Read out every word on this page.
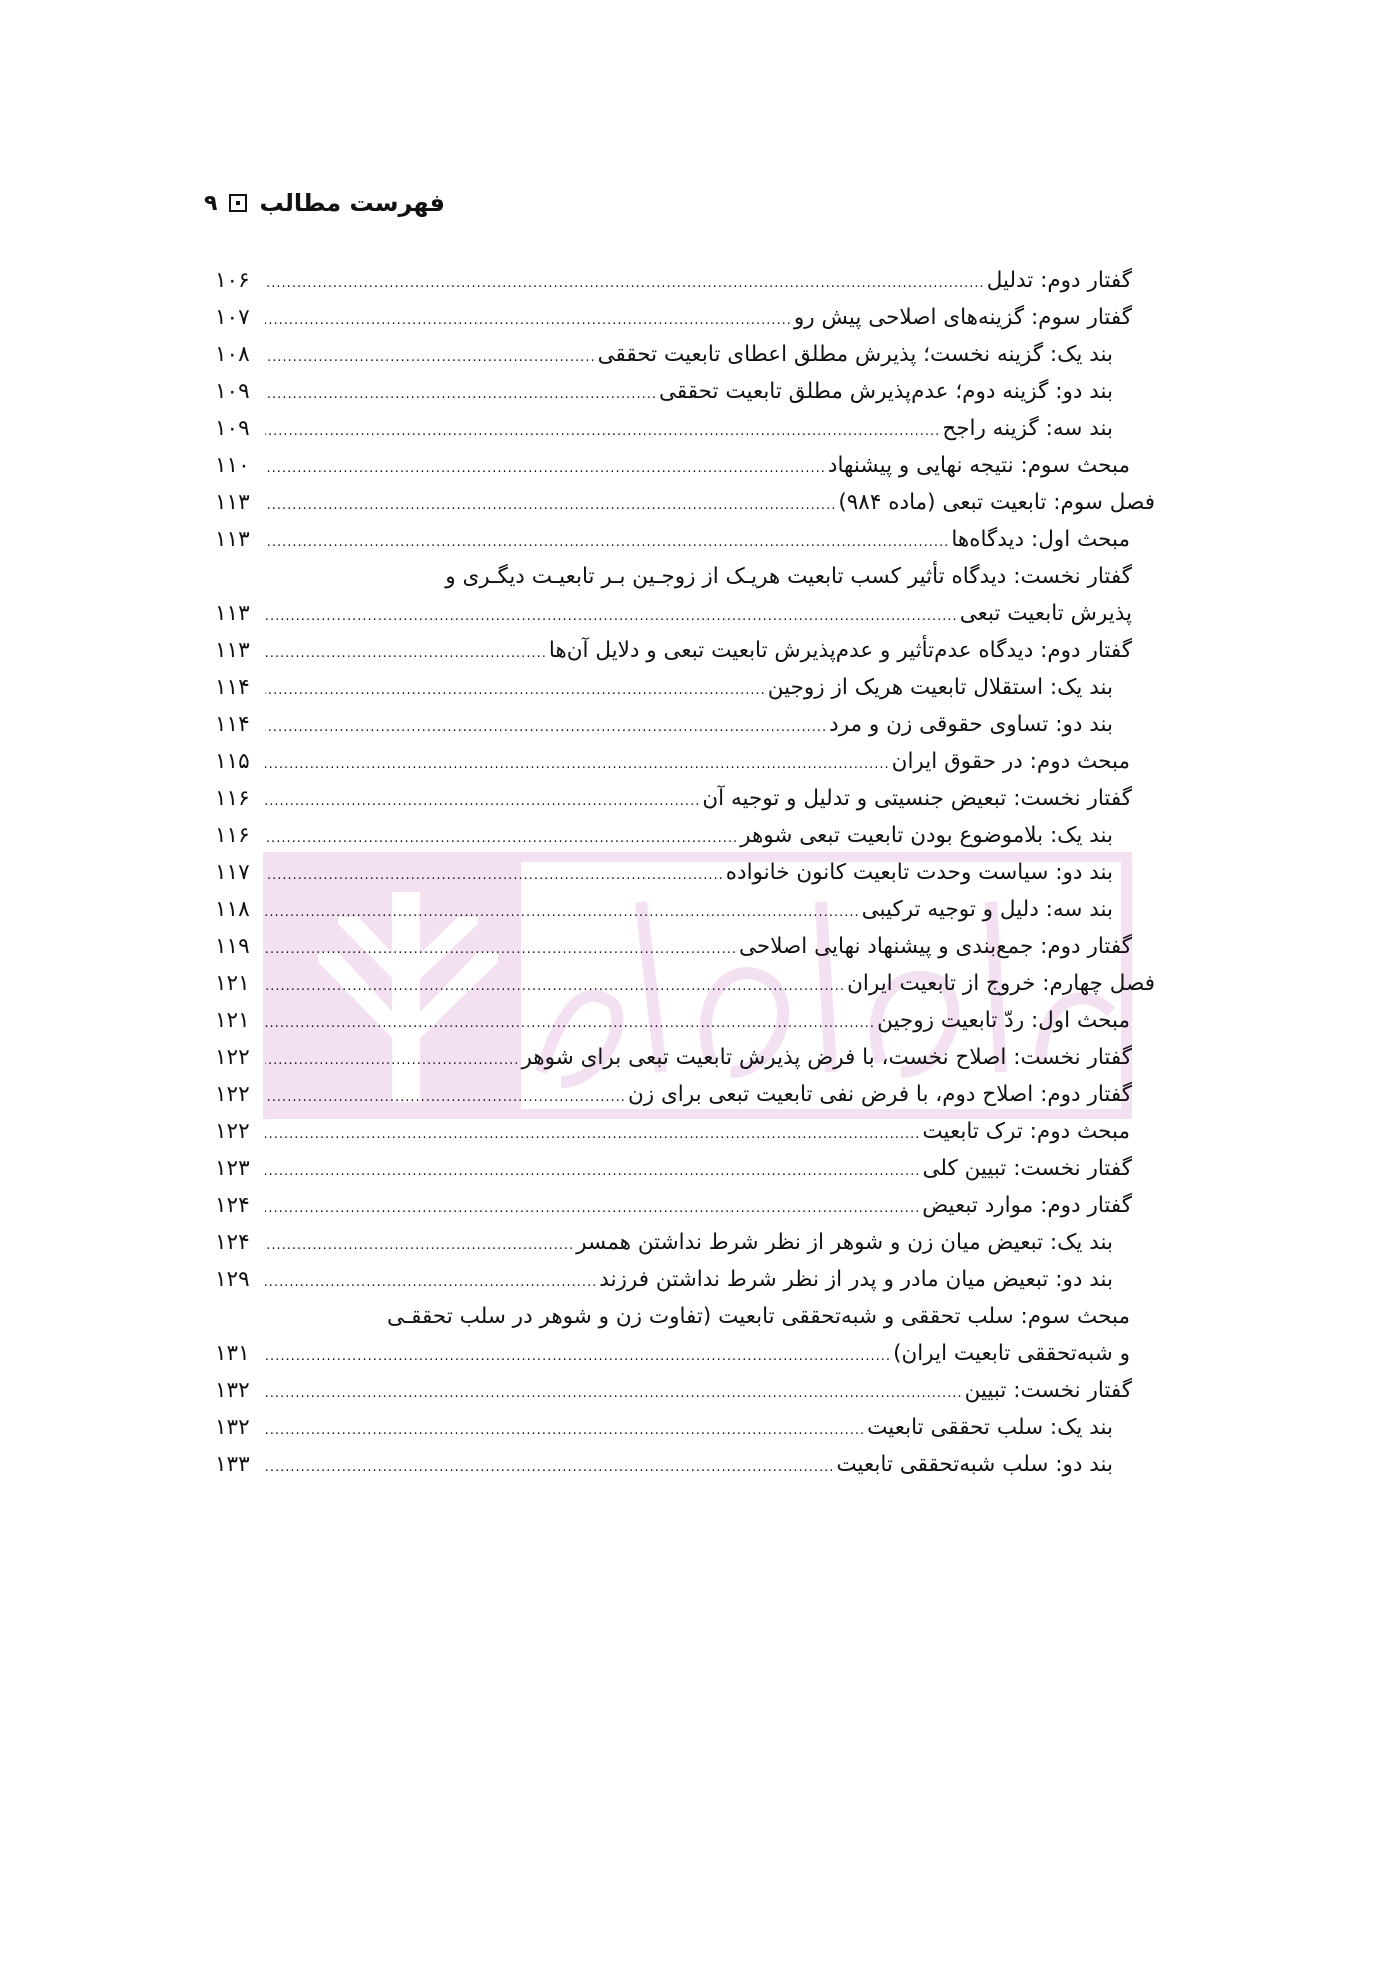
فهرست مطالب
۹
گفتار دوم: تدلیل
.....
۱۰۶
گفتار سوم: گزینه‌های اصلاحی پیش رو
.....
۱۰۷
بند یک: گزینه نخست؛ پذیرش مطلق اعطای تابعیت تحققی
.....
۱۰۸
بند دو: گزینه دوم؛ عدم‌پذیرش مطلق تابعیت تحققی
.....
۱۰۹
بند سه: گزینه راجح
.....
۱۰۹
مبحث سوم: نتیجه نهایی و پیشنهاد
.....
۱۱۰
فصل سوم: تابعیت تبعی (ماده ۹۸۴)
.....
۱۱۳
مبحث اول: دیدگاه‌ها
.....
۱۱۳
گفتار نخست: دیدگاه تأثیر کسب تابعیت هریـک از زوجـین بـر تابعیـت دیگـری و
پذیرش تابعیت تبعی
.....
۱۱۳
گفتار دوم: دیدگاه عدم‌تأثیر و عدم‌پذیرش تابعیت تبعی و دلایل آن‌ها
.....
۱۱۳
بند یک: استقلال تابعیت هریک از زوجین
.....
۱۱۴
بند دو: تساوی حقوقی زن و مرد
.....
۱۱۴
مبحث دوم: در حقوق ایران
.....
۱۱۵
گفتار نخست: تبعیض جنسیتی و تدلیل و توجیه آن
.....
۱۱۶
بند یک: بلاموضوع بودن تابعیت تبعی شوهر
.....
۱۱۶
بند دو: سیاست وحدت تابعیت کانون خانواده
.....
۱۱۷
بند سه: دلیل و توجیه ترکیبی
.....
۱۱۸
گفتار دوم: جمع‌بندی و پیشنهاد نهایی اصلاحی
.....
۱۱۹
فصل چهارم: خروج از تابعیت ایران
.....
۱۲۱
مبحث اول: ردّ تابعیت زوجین
.....
۱۲۱
گفتار نخست: اصلاح نخست، با فرض پذیرش تابعیت تبعی برای شوهر
.....
۱۲۲
گفتار دوم: اصلاح دوم، با فرض نفی تابعیت تبعی برای زن
.....
۱۲۲
مبحث دوم: ترک تابعیت
.....
۱۲۲
گفتار نخست: تبیین کلی
.....
۱۲۳
گفتار دوم: موارد تبعیض
.....
۱۲۴
بند یک: تبعیض میان زن و شوهر از نظر شرط نداشتن همسر
.....
۱۲۴
بند دو: تبعیض میان مادر و پدر از نظر شرط نداشتن فرزند
.....
۱۲۹
مبحث سوم: سلب تحققی و شبه‌تحققی تابعیت (تفاوت زن و شوهر در سلب تحققـی
و شبه‌تحققی تابعیت ایران)
.....
۱۳۱
گفتار نخست: تبیین
.....
۱۳۲
بند یک: سلب تحققی تابعیت
.....
۱۳۲
بند دو: سلب شبه‌تحققی تابعیت
.....
۱۳۳
